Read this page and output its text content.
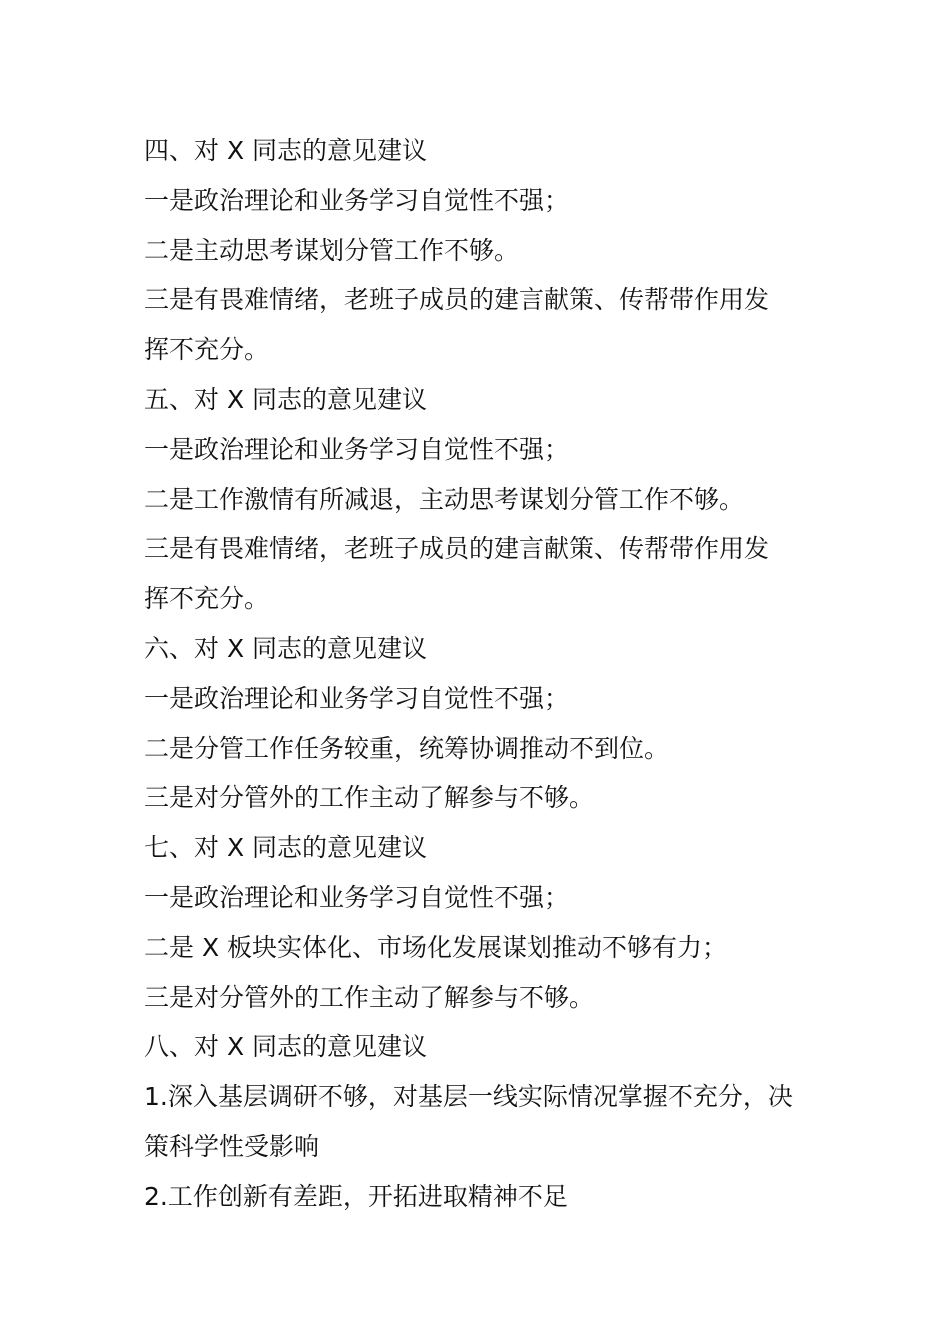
四、对 X 同志的意见建议

一是政治理论和业务学习自觉性不强；

二是主动思考谋划分管工作不够。

三是有畏难情绪，老班子成员的建言献策、传帮带作用发

挥不充分。

五、对 X 同志的意见建议

一是政治理论和业务学习自觉性不强；

二是工作激情有所减退，主动思考谋划分管工作不够。

三是有畏难情绪，老班子成员的建言献策、传帮带作用发

挥不充分。

六、对 X 同志的意见建议

一是政治理论和业务学习自觉性不强；

二是分管工作任务较重，统筹协调推动不到位。

三是对分管外的工作主动了解参与不够。

七、对 X 同志的意见建议

一是政治理论和业务学习自觉性不强；

二是 X 板块实体化、市场化发展谋划推动不够有力；

三是对分管外的工作主动了解参与不够。

八、对 X 同志的意见建议

1.深入基层调研不够，对基层一线实际情况掌握不充分，决

策科学性受影响

2.工作创新有差距，开拓进取精神不足
